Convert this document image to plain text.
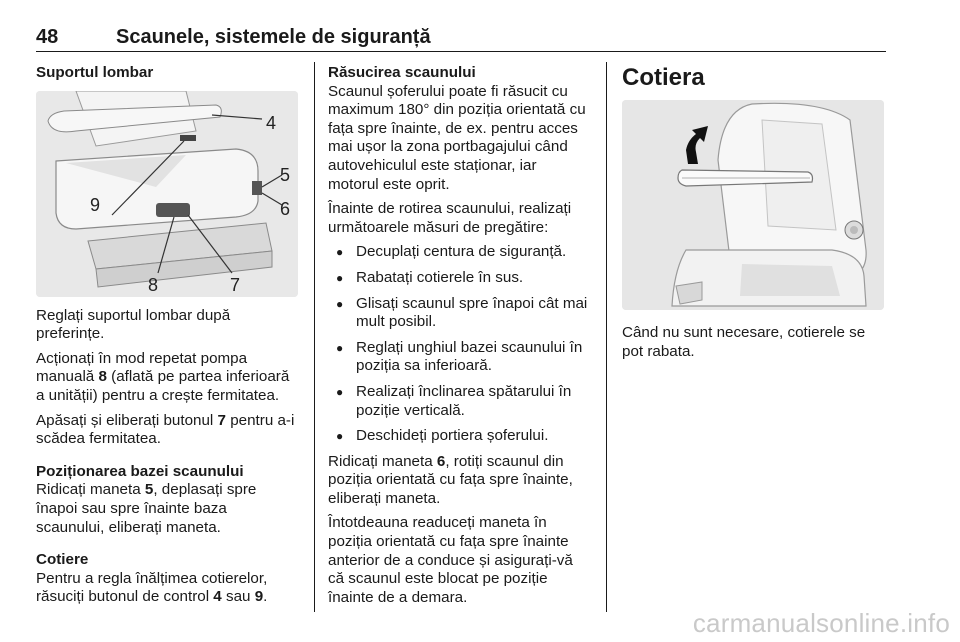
48	Scaunele, sistemele de siguranță
Suportul lombar
4
5
6
9
8	7

Reglați suportul lombar după preferințe.

Acționați în mod repetat pompa manuală 8 (aflată pe partea inferioară a unității) pentru a crește fermitatea.

Apăsați și eliberați butonul 7 pentru a-i scădea fermitatea.

Poziționarea bazei scaunului

Ridicați maneta 5, deplasați spre înapoi sau spre înainte baza scaunului, eliberați maneta.

Cotiere

Pentru a regla înălțimea cotierelor, răsuciți butonul de control 4 sau 9.

Răsucirea scaunului

Scaunul șoferului poate fi răsucit cu maximum 180° din poziția orientată cu fața spre înainte, de ex. pentru acces mai ușor la zona portbagajului când autovehiculul este staționar, iar motorul este oprit.

Înainte de rotirea scaunului, realizați următoarele măsuri de pregătire:

● Decuplați centura de siguranță.
● Rabatați cotierele în sus.
● Glisați scaunul spre înapoi cât mai mult posibil.
● Reglați unghiul bazei scaunului în poziția sa inferioară.
● Realizați înclinarea spătarului în poziție verticală.
● Deschideți portiera șoferului.

Ridicați maneta 6, rotiți scaunul din poziția orientată cu fața spre înainte, eliberați maneta.

Întotdeauna readuceți maneta în poziția orientată cu fața spre înainte anterior de a conduce și asigurați-vă că scaunul este blocat pe poziție înainte de a demara.

Cotiera

Când nu sunt necesare, cotierele se pot rabata.

carmanualsonline.info
